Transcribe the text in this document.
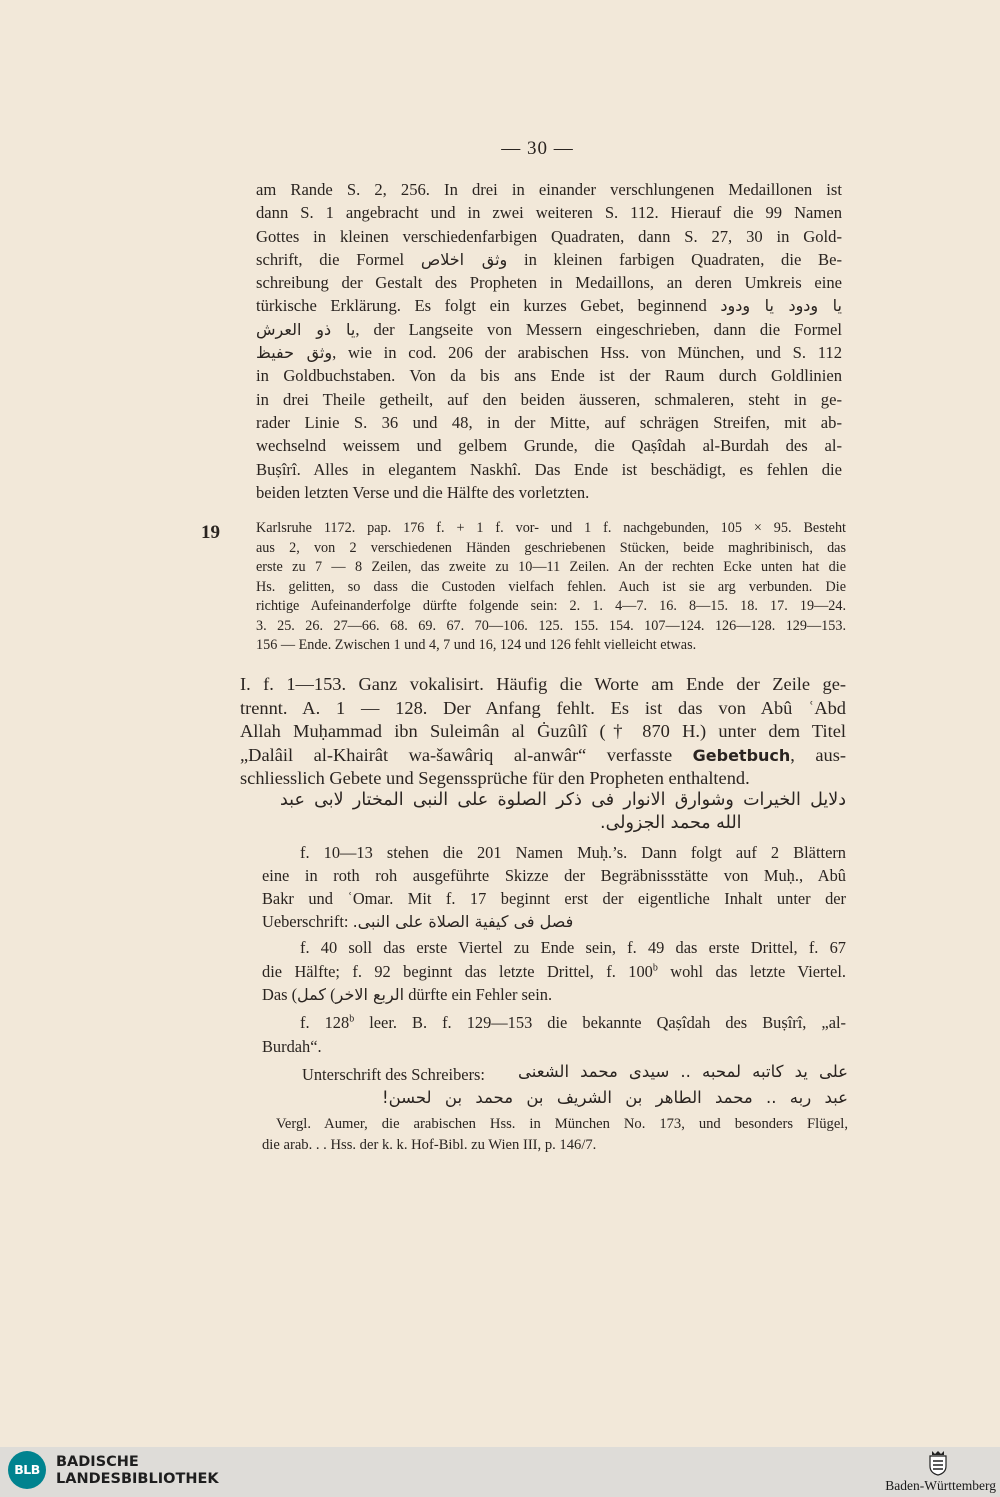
— 30 —
am Rande S. 2, 256. In drei in einander verschlungenen Medaillonen ist
dann S. 1 angebracht und in zwei weiteren S. 112. Hierauf die 99 Namen
Gottes in kleinen verschiedenfarbigen Quadraten, dann S. 27, 30 in Gold-
schrift, die Formel وثق اخلاص in kleinen farbigen Quadraten, die Be-
schreibung der Gestalt des Propheten in Medaillons, an deren Umkreis eine
türkische Erklärung. Es folgt ein kurzes Gebet, beginnend يا ودود يا ودود
يا ذو العرش, der Langseite von Messern eingeschrieben, dann die Formel
وثق حفيظ, wie in cod. 206 der arabischen Hss. von München, und S. 112
in Goldbuchstaben. Von da bis ans Ende ist der Raum durch Goldlinien
in drei Theile getheilt, auf den beiden äusseren, schmaleren, steht in ge-
rader Linie S. 36 und 48, in der Mitte, auf schrägen Streifen, mit ab-
wechselnd weissem und gelbem Grunde, die Qaṣîdah al-Burdah des al-
Buṣîrî. Alles in elegantem Naskhî. Das Ende ist beschädigt, es fehlen die
beiden letzten Verse und die Hälfte des vorletzten.
19	Karlsruhe 1172. pap. 176 f. + 1 f. vor- und 1 f. nachgebunden, 105 × 95. Besteht
aus 2, von 2 verschiedenen Händen geschriebenen Stücken, beide maghribinisch, das
erste zu 7 — 8 Zeilen, das zweite zu 10—11 Zeilen. An der rechten Ecke unten hat die
Hs. gelitten, so dass die Custoden vielfach fehlen. Auch ist sie arg verbunden. Die
richtige Aufeinanderfolge dürfte folgende sein: 2. 1. 4—7. 16. 8—15. 18. 17. 19—24.
3. 25. 26. 27—66. 68. 69. 67. 70—106. 125. 155. 154. 107—124. 126—128. 129—153.
156 — Ende. Zwischen 1 und 4, 7 und 16, 124 und 126 fehlt vielleicht etwas.
I. f. 1—153. Ganz vokalisirt. Häufig die Worte am Ende der Zeile ge-
trennt. A. 1 — 128. Der Anfang fehlt. Es ist das von Abû ʿAbd
Allah Muḥammad ibn Suleimân al Ġuzûlî († 870 H.) unter dem Titel
„Dalâil al-Khairât wa-šawâriq al-anwâr“ verfasste Gebetbuch, aus-
schliesslich Gebete und Segenssprüche für den Propheten enthaltend.
دلايل الخيرات وشوارق الانوار فى ذكر الصلوة على النبى المختار لابى عبد
الله محمد الجزولى.
f. 10—13 stehen die 201 Namen Muḥ.’s. Dann folgt auf 2 Blättern
eine in roth roh ausgeführte Skizze der Begräbnissstätte von Muḥ., Abû
Bakr und ʿOmar. Mit f. 17 beginnt erst der eigentliche Inhalt unter der
Ueberschrift: فصل فى كيفية الصلاة على النبى.
f. 40 soll das erste Viertel zu Ende sein, f. 49 das erste Drittel, f. 67
die Hälfte; f. 92 beginnt das letzte Drittel, f. 100$^b$ wohl das letzte Viertel.
Das ( الربع الاخر) كمل	dürfte ein Fehler sein.
f. 128$^b$ leer. B. f. 129—153 die bekannte Qaṣîdah des Buṣîrî, „al-
Burdah“.
Unterschrift des Schreibers:	على يد كاتبه لمحبه .. سيدى محمد الشعنى
عبد ربه .. محمد الطاهر بن الشريف بن محمد بن لحسن!
Vergl. Aumer, die arabischen Hss. in München No. 173, und besonders Flügel,
die arab. . . Hss. der k. k. Hof-Bibl. zu Wien III, p. 146/7.
BLB	BADISCHE
LANDESBIBLIOTHEK	Baden-Württemberg
